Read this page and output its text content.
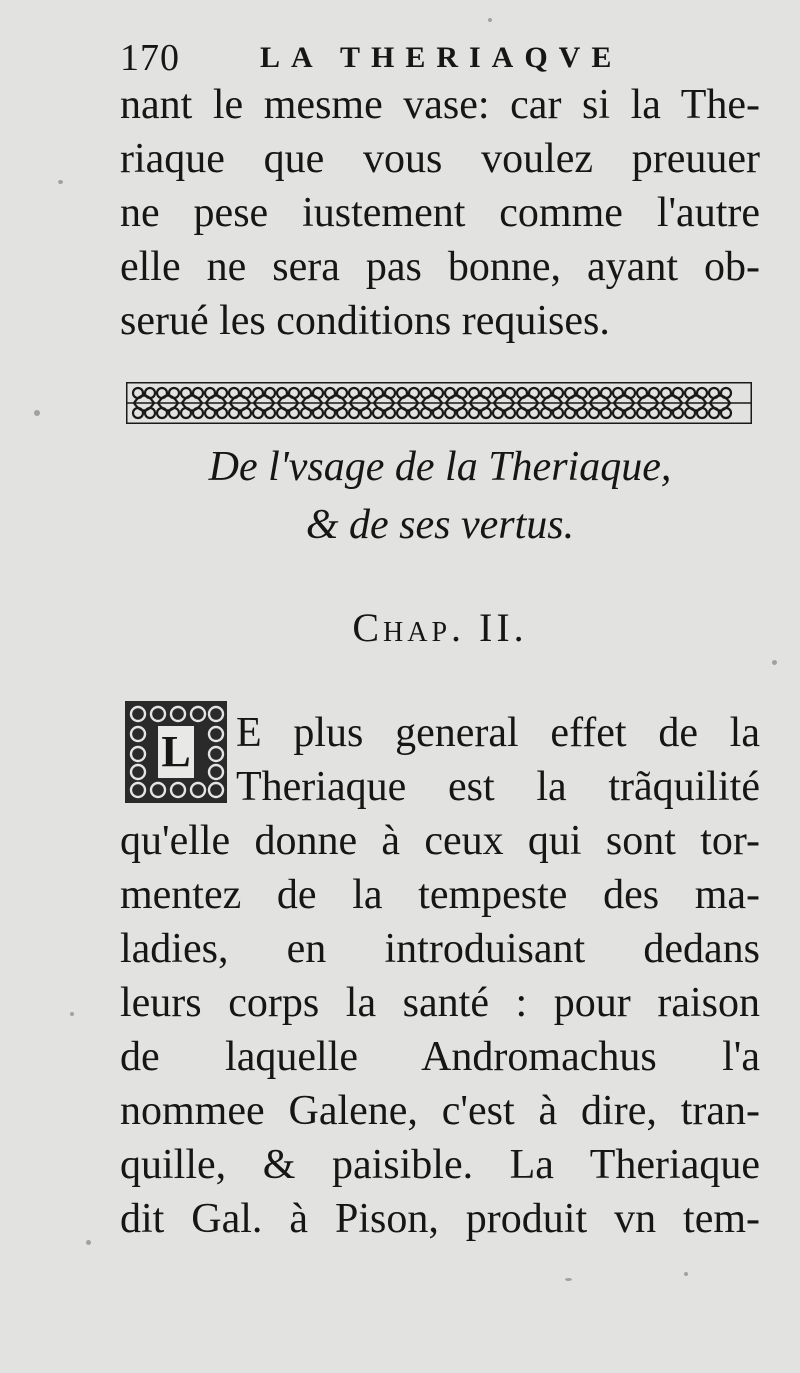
170	LA THERIAQVE
nant le mesme vase: car si la The-
riaque que vous voulez preuuer
ne pese iustement comme l'autre
elle ne sera pas bonne, ayant ob-
serué les conditions requises.
De l'vsage de la Theriaque,
& de ses vertus.
Chap. II.
L E plus general effet de la
Theriaque est la trãquilité
qu'elle donne à ceux qui sont tor-
mentez de la tempeste des ma-
ladies, en introduisant dedans
leurs corps la santé : pour raison
de laquelle Andromachus l'a
nommee Galene, c'est à dire, tran-
quille, & paisible. La Theriaque
dit Gal. à Pison, produit vn tem-
